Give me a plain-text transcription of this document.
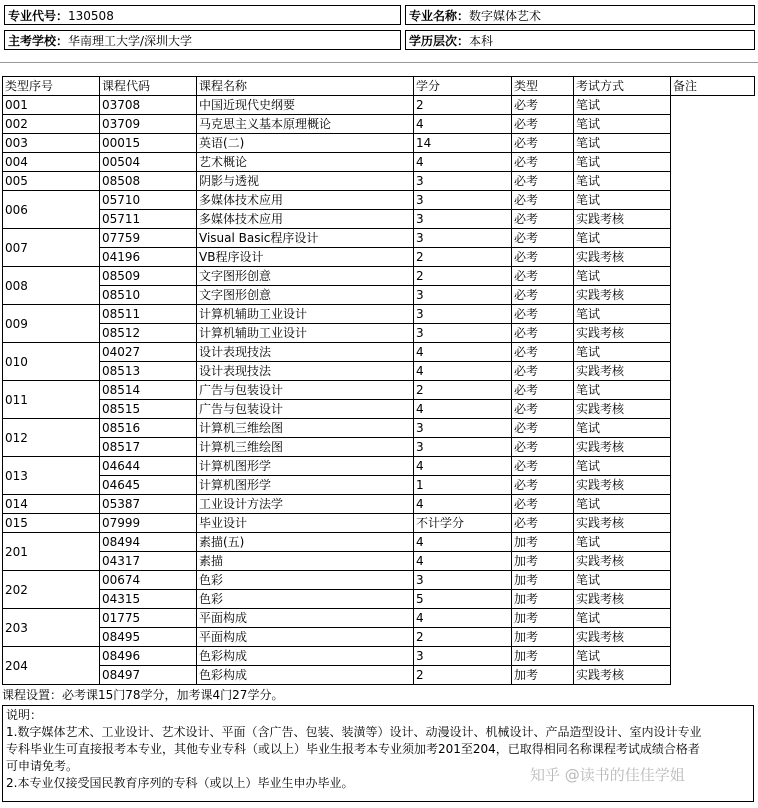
专业代号：130508	专业名称：数字媒体艺术
主考学校：华南理工大学/深圳大学	学历层次：本科
类型序号	课程代码	课程名称	学分	类型	考试方式	备注
001	03708	中国近现代史纲要	2	必考	笔试	
002	03709	马克思主义基本原理概论	4	必考	笔试	
003	00015	英语(二)	14	必考	笔试	
004	00504	艺术概论	4	必考	笔试	
005	08508	阴影与透视	3	必考	笔试	
006	05710	多媒体技术应用	3	必考	笔试	
	05711	多媒体技术应用	3	必考	实践考核	
007	07759	Visual Basic程序设计	3	必考	笔试	
	04196	VB程序设计	2	必考	实践考核	
008	08509	文字图形创意	2	必考	笔试	
	08510	文字图形创意	3	必考	实践考核	
009	08511	计算机辅助工业设计	3	必考	笔试	
	08512	计算机辅助工业设计	3	必考	实践考核	
010	04027	设计表现技法	4	必考	笔试	
	08513	设计表现技法	4	必考	实践考核	
011	08514	广告与包装设计	2	必考	笔试	
	08515	广告与包装设计	4	必考	实践考核	
012	08516	计算机三维绘图	3	必考	笔试	
	08517	计算机三维绘图	3	必考	实践考核	
013	04644	计算机图形学	4	必考	笔试	
	04645	计算机图形学	1	必考	实践考核	
014	05387	工业设计方法学	4	必考	笔试	
015	07999	毕业设计	不计学分	必考	实践考核	
201	08494	素描(五)	4	加考	笔试	
	04317	素描	4	加考	实践考核	
202	00674	色彩	3	加考	笔试	
	04315	色彩	5	加考	实践考核	
203	01775	平面构成	4	加考	笔试	
	08495	平面构成	2	加考	实践考核	
204	08496	色彩构成	3	加考	笔试	
	08497	色彩构成	2	加考	实践考核	
课程设置：必考课15门78学分，加考课4门27学分。

说明：

1.数字媒体艺术、工业设计、艺术设计、平面（含广告、包装、装潢等）设计、动漫设计、机械设计、产品造型设计、室内设计专业

专科毕业生可直接报考本专业，其他专业专科（或以上）毕业生报考本专业须加考201至204，已取得相同名称课程考试成绩合格者

可申请免考。

2.本专业仅接受国民教育序列的专科（或以上）毕业生申办毕业。	知乎 @读书的佳佳学姐
